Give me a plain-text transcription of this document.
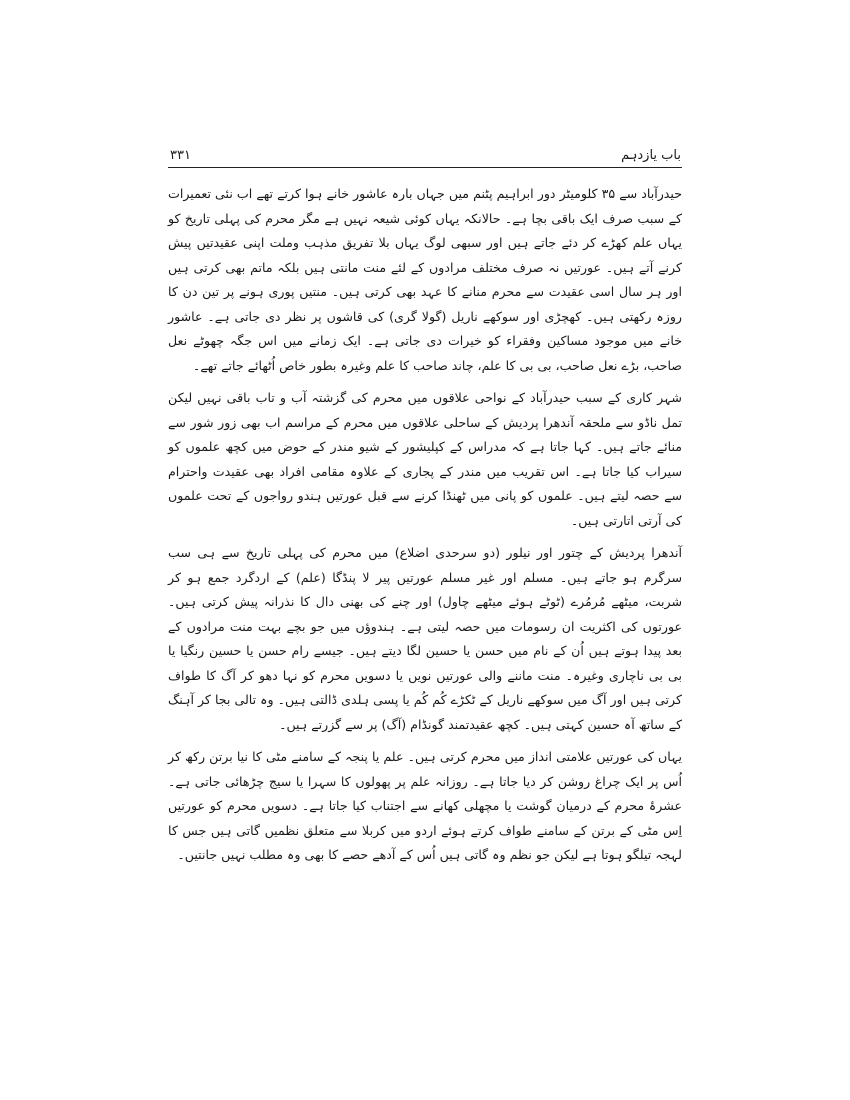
باب یازدہم
۳۳۱

حیدرآباد سے ۳۵ کلومیٹر دور ابراہیم پٹنم میں جہاں بارہ عاشور خانے ہوا کرتے تھے اب نئی تعمیرات کے سبب صرف ایک باقی بچا ہے۔ حالانکہ یہاں کوئی شیعہ نہیں ہے مگر محرم کی پہلی تاریخ کو یہاں علم کھڑے کر دئے جاتے ہیں اور سبھی لوگ یہاں بلا تفریق مذہب وملت اپنی عقیدتیں پیش کرنے آتے ہیں۔ عورتیں نہ صرف مختلف مرادوں کے لئے منت مانتی ہیں بلکہ ماتم بھی کرتی ہیں اور ہر سال اسی عقیدت سے محرم منانے کا عہد بھی کرتی ہیں۔ منتیں پوری ہونے پر تین دن کا روزہ رکھتی ہیں۔ کھچڑی اور سوکھے ناریل (گولا گری) کی قاشوں پر نظر دی جاتی ہے۔ عاشور خانے میں موجود مساکین وفقراء کو خیرات دی جاتی ہے۔ ایک زمانے میں اس جگہ چھوٹے نعل صاحب، بڑے نعل صاحب، بی بی کا علم، چاند صاحب کا علم وغیرہ بطور خاص اُٹھائے جاتے تھے۔

شہر کاری کے سبب حیدرآباد کے نواحی علاقوں میں محرم کی گزشتہ آب و تاب باقی نہیں لیکن تمل ناڈو سے ملحقہ آندھرا پردیش کے ساحلی علاقوں میں محرم کے مراسم اب بھی زور شور سے منائے جاتے ہیں۔ کہا جاتا ہے کہ مدراس کے کپلیشور کے شیو مندر کے حوض میں کچھ علموں کو سیراب کیا جاتا ہے۔ اس تقریب میں مندر کے پجاری کے علاوہ مقامی افراد بھی عقیدت واحترام سے حصہ لیتے ہیں۔ علموں کو پانی میں ٹھنڈا کرنے سے قبل عورتیں ہندو رواجوں کے تحت علموں کی آرتی اتارتی ہیں۔

آندھرا پردیش کے چتور اور نیلور (دو سرحدی اضلاع) میں محرم کی پہلی تاریخ سے ہی سب سرگرم ہو جاتے ہیں۔ مسلم اور غیر مسلم عورتیں پیر لا پنڈگا (علم) کے اردگرد جمع ہو کر شربت، میٹھے مُرمُرے (ٹوٹے ہوئے میٹھے چاول) اور چنے کی بھنی دال کا نذرانہ پیش کرتی ہیں۔ عورتوں کی اکثریت ان رسومات میں حصہ لیتی ہے۔ ہندوؤں میں جو بچے بہت منت مرادوں کے بعد پیدا ہوتے ہیں اُن کے نام میں حسن یا حسین لگا دیتے ہیں۔ جیسے رام حسن یا حسین رنگیا یا بی بی ناچاری وغیرہ۔ منت ماننے والی عورتیں نویں یا دسویں محرم کو نہا دھو کر آگ کا طواف کرتی ہیں اور آگ میں سوکھے ناریل کے ٹکڑے کُم کُم یا پسی ہلدی ڈالتی ہیں۔ وہ تالی بجا کر آہنگ کے ساتھ آہ حسین کہتی ہیں۔ کچھ عقیدتمند گونڈام (آگ) پر سے گزرتے ہیں۔

یہاں کی عورتیں علامتی انداز میں محرم کرتی ہیں۔ علم یا پنجہ کے سامنے مٹی کا نیا برتن رکھ کر اُس پر ایک چراغ روشن کر دیا جاتا ہے۔ روزانہ علم پر پھولوں کا سہرا یا سیج چڑھائی جاتی ہے۔ عشرۂ محرم کے درمیان گوشت یا مچھلی کھانے سے اجتناب کیا جاتا ہے۔ دسویں محرم کو عورتیں اِس مٹی کے برتن کے سامنے طواف کرتے ہوئے اردو میں کربلا سے متعلق نظمیں گاتی ہیں جس کا لہجہ تیلگو ہوتا ہے لیکن جو نظم وہ گاتی ہیں اُس کے آدھے حصے کا بھی وہ مطلب نہیں جانتیں۔
